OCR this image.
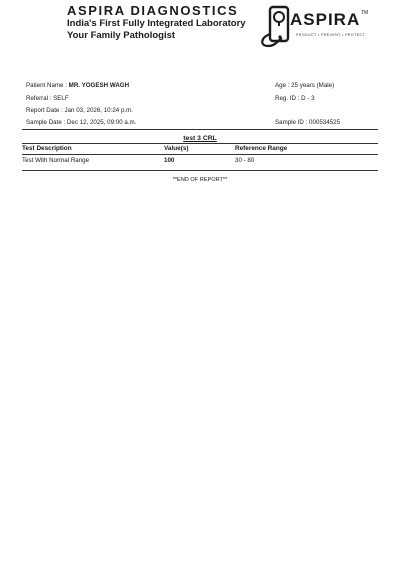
ASPIRA DIAGNOSTICS
India's First Fully Integrated Laboratory
Your Family Pathologist
ASPIRA TM
PRODUCT • PREVENT • PROTECT
Patient Name : MR. YOGESH WAGH	Age : 25 years (Male)
Referral : SELF	Reg. ID : D - 3
Report Date : Jan 03, 2026, 10:24 p.m.
Sample Date : Dec 12, 2025, 09:00 a.m.	Sample ID : 000534525
test 3 CRL
Test Description	Value(s)	Reference Range
Test With Normal Range	100	30 - 80
**END OF REPORT**
